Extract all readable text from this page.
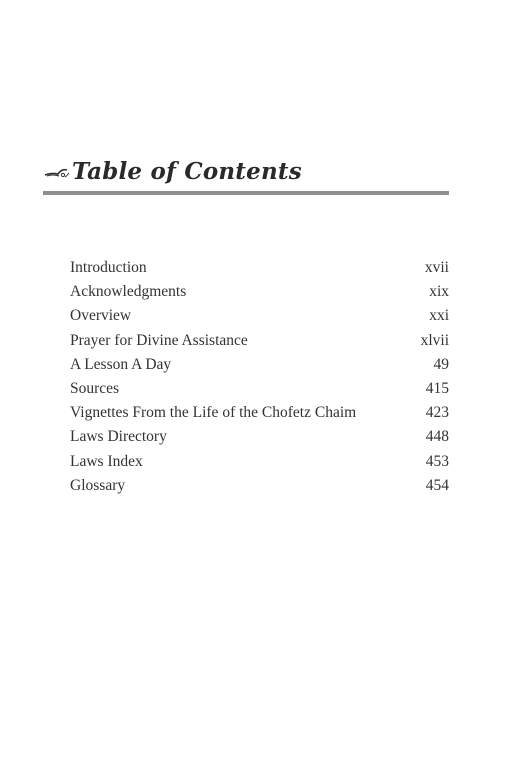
Table of Contents
Introduction	xvii
Acknowledgments	xix
Overview	xxi
Prayer for Divine Assistance	xlvii
A Lesson A Day	49
Sources	415
Vignettes From the Life of the Chofetz Chaim	423
Laws Directory	448
Laws Index	453
Glossary	454
